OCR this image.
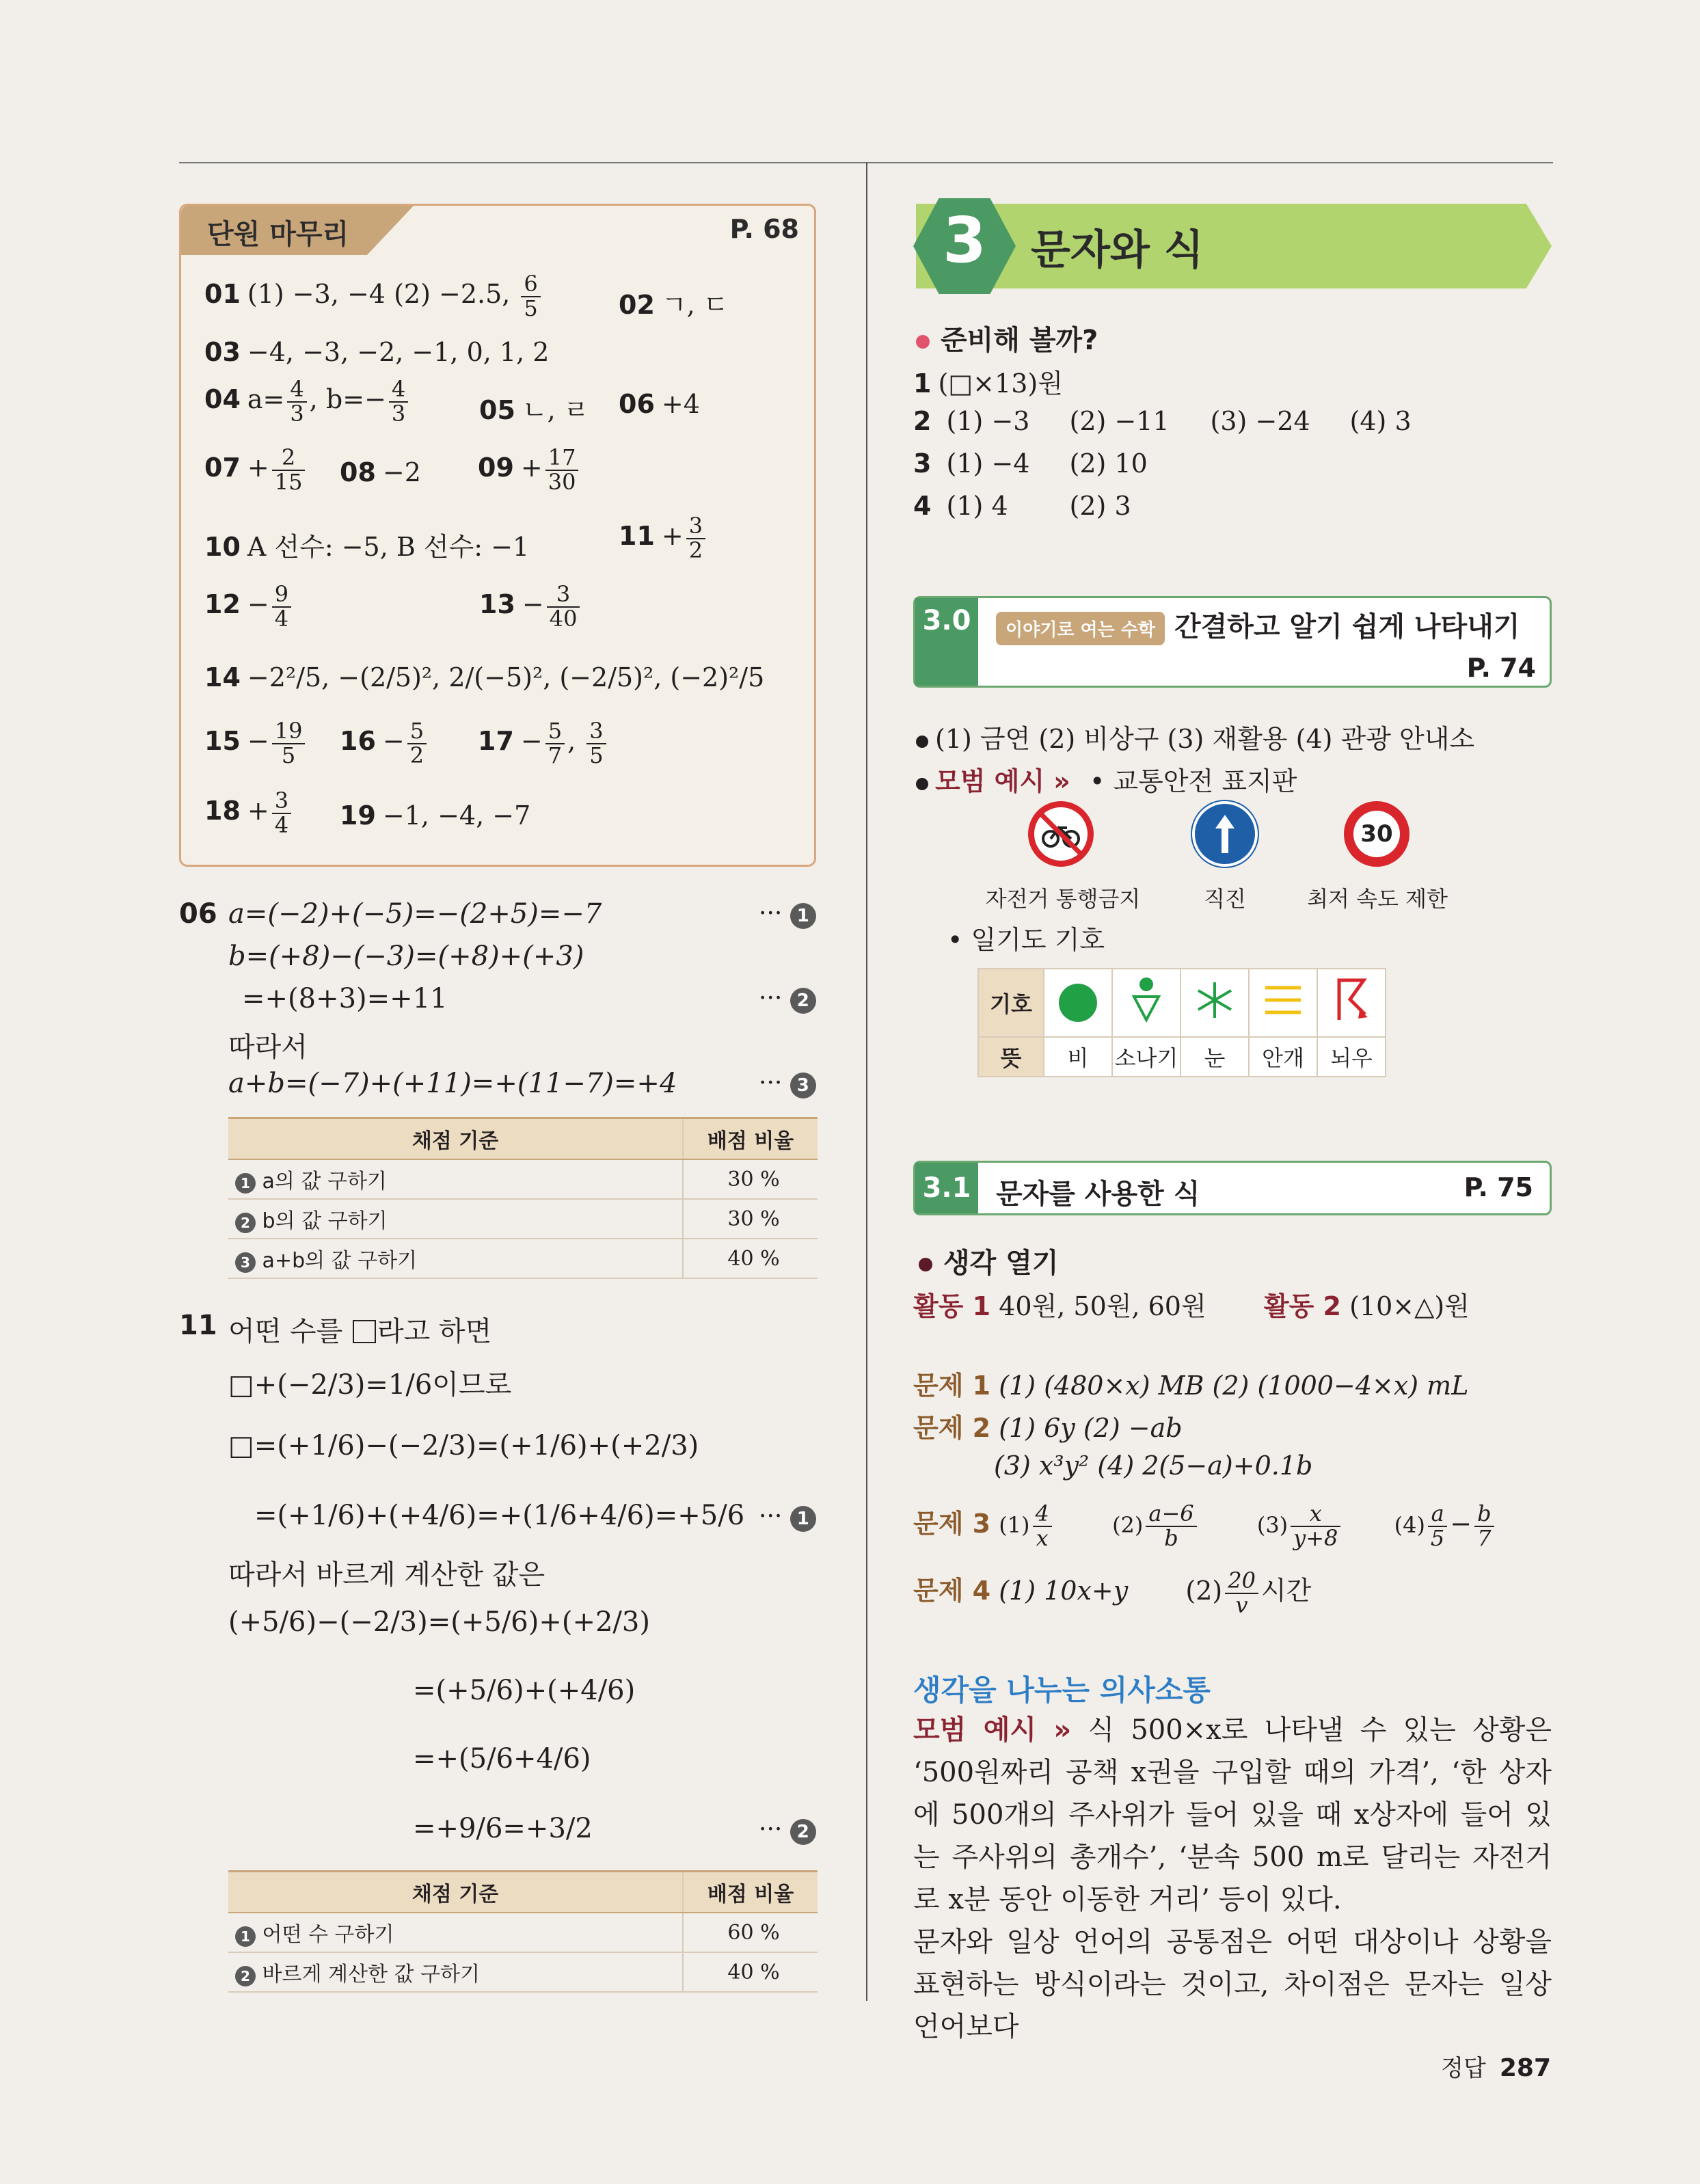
단원 마무리	P. 68
01 (1) −3, −4 (2) −2.5, $\frac{6}{5}$	02 ㄱ, ㄷ
03 −4, −3, −2, −1, 0, 1, 2
04 $a= \frac{4}{3}$ , $b=- \frac{4}{3}$	05 ㄴ, ㄹ 06 +4
$07 + \frac{2}{15} 08 -2$ $09 + \frac{17}{30}$
10 A 선수: −5, B 선수: −1	$11 + \frac{3}{2}$
$12 - \frac{9}{4}$	$13 - \frac{3}{40}$
14 −2²/5, −(2/5)², 2/(−5)², (−2/5)², (−2)²/5
$15 - \frac{19}{5} 16 - \frac{5}{2} 17 - \frac{5}{7}$ , $\frac{3}{5}$
$18 + \frac{3}{4} 19 -1$, −4, −7
06 a=(−2)+(−5)=−(2+5)=−7
b=(+8)−(−3)=(+8)+(+3)
=+(8+3)=+11
따라서
a+b=(−7)+(+11)=+(11−7)=+4
··· 1
··· 2
··· 3
채점 기준	배점 비율
1 a의 값 구하기	30 %
2 b의 값 구하기	30 %
3 a+b의 값 구하기	40 %
11 어떤 수를 라고 하면
□+(−2/3)=1/6이므로
□=(+1/6)−(−2/3)=(+1/6)+(+2/3)
=(+1/6)+(+4/6)=+(1/6+4/6)=+5/6
따라서 바르게 계산한 값은
(+5/6)−(−2/3)=(+5/6)+(+2/3)
=(+5/6)+(+4/6)
=+(5/6+4/6)
=+9/6=+3/2
··· 1
··· 2
채점 기준	배점 비율
1 어떤 수 구하기	60 %
2 바르게 계산한 값 구하기	40 %
3 문자와 식
준비해 볼까?
1 (□×13)원
2 (1) −3 (2) −11 (3) −24 (4) 3
3 (1) −4 (2) 10
4 (1) 4 (2) 3
3.0	이야기로 여는 수학 간결하고 알기 쉽게 나타내기
P. 74
(1) 금연 (2) 비상구 (3) 재활용 (4) 관광 안내소
모범 예시 » • 교통안전 표지판
30
자전거 통행금지	직진	최저 속도 제한
• 일기도 기호
기호					
뜻	비	소나기	눈	안개	뇌우
3.1 문자를 사용한 식	P. 75
생각 열기
활동 1 40원, 50원, 60원 활동 2 (10×△)원
문제 1 (1) (480×x) MB (2) (1000−4×x) mL
문제 2 (1) 6y (2) −ab
(3) x³y² (4) 2(5−a)+0.1b
문제 3 $(1) \frac{4}{x}$	$(2) \frac{a-6}{b}$	$(3) \frac{x}{y+8} (4) \frac{a}{5} - \frac{b}{7}$
문제 4 (1) 10x+y $(2) \frac{20}{v}$ 시간
생각을 나누는 의사소통
모범 예시 » 식 500×x로 나타낼 수 있는 상황은 ‘500원짜리 공책 x권을 구입할 때의 가격’, ‘한 상자에 500개의 주사위가 들어 있을 때 x상자에 들어 있는 주사위의 총개수’, ‘분속 500 m로 달리는 자전거로 x분 동안 이동한 거리’ 등이 있다.
문자와 일상 언어의 공통점은 어떤 대상이나 상황을 표현하는 방식이라는 것이고, 차이점은 문자는 일상 언어보다
정답 287
